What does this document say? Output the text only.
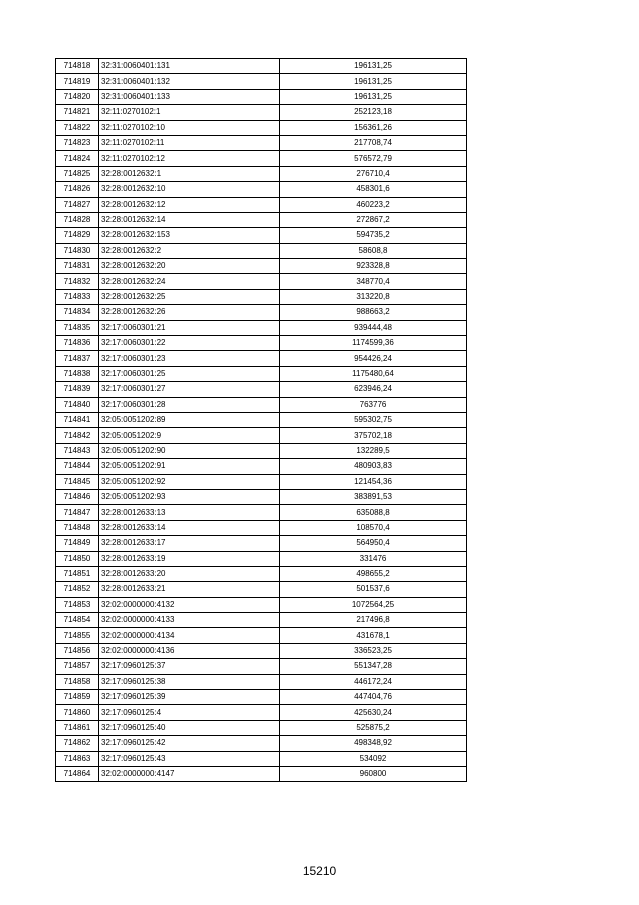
714818	32:31:0060401:131	196131,25
714819	32:31:0060401:132	196131,25
714820	32:31:0060401:133	196131,25
714821	32:11:0270102:1	252123,18
714822	32:11:0270102:10	156361,26
714823	32:11:0270102:11	217708,74
714824	32:11:0270102:12	576572,79
714825	32:28:0012632:1	276710,4
714826	32:28:0012632:10	458301,6
714827	32:28:0012632:12	460223,2
714828	32:28:0012632:14	272867,2
714829	32:28:0012632:153	594735,2
714830	32:28:0012632:2	58608,8
714831	32:28:0012632:20	923328,8
714832	32:28:0012632:24	348770,4
714833	32:28:0012632:25	313220,8
714834	32:28:0012632:26	988663,2
714835	32:17:0060301:21	939444,48
714836	32:17:0060301:22	1174599,36
714837	32:17:0060301:23	954426,24
714838	32:17:0060301:25	1175480,64
714839	32:17:0060301:27	623946,24
714840	32:17:0060301:28	763776
714841	32:05:0051202:89	595302,75
714842	32:05:0051202:9	375702,18
714843	32:05:0051202:90	132289,5
714844	32:05:0051202:91	480903,83
714845	32:05:0051202:92	121454,36
714846	32:05:0051202:93	383891,53
714847	32:28:0012633:13	635088,8
714848	32:28:0012633:14	108570,4
714849	32:28:0012633:17	564950,4
714850	32:28:0012633:19	331476
714851	32:28:0012633:20	498655,2
714852	32:28:0012633:21	501537,6
714853	32:02:0000000:4132	1072564,25
714854	32:02:0000000:4133	217496,8
714855	32:02:0000000:4134	431678,1
714856	32:02:0000000:4136	336523,25
714857	32:17:0960125:37	551347,28
714858	32:17:0960125:38	446172,24
714859	32:17:0960125:39	447404,76
714860	32:17:0960125:4	425630,24
714861	32:17:0960125:40	525875,2
714862	32:17:0960125:42	498348,92
714863	32:17:0960125:43	534092
714864	32:02:0000000:4147	960800
15210
